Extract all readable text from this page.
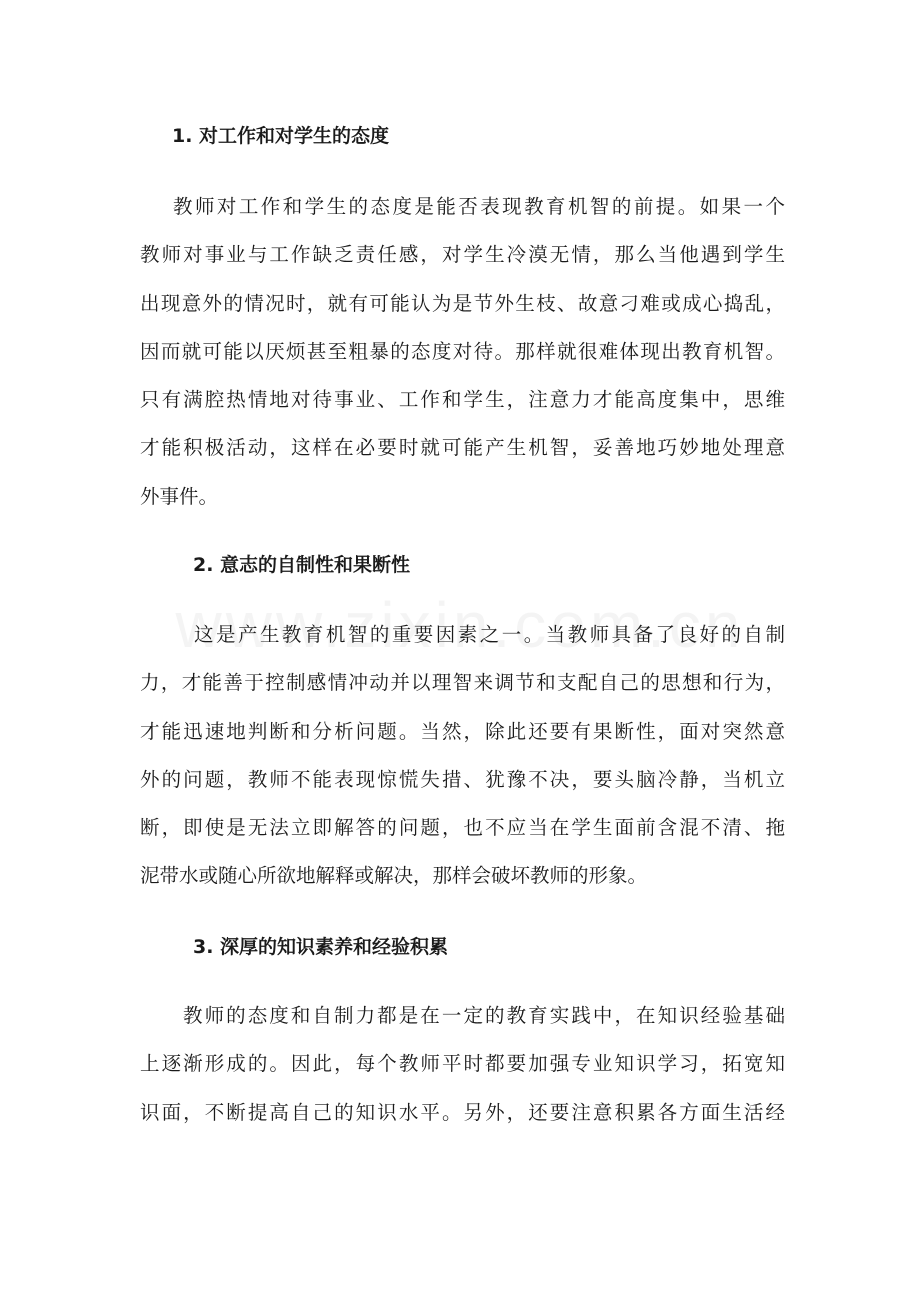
1. 对工作和对学生的态度
教师对工作和学生的态度是能否表现教育机智的前提。如果一个
教师对事业与工作缺乏责任感，对学生冷漠无情，那么当他遇到学生
出现意外的情况时，就有可能认为是节外生枝、故意刁难或成心捣乱，
因而就可能以厌烦甚至粗暴的态度对待。那样就很难体现出教育机智。
只有满腔热情地对待事业、工作和学生，注意力才能高度集中，思维
才能积极活动，这样在必要时就可能产生机智，妥善地巧妙地处理意
外事件。
2. 意志的自制性和果断性
这是产生教育机智的重要因素之一。当教师具备了良好的自制
力，才能善于控制感情冲动并以理智来调节和支配自己的思想和行为，
才能迅速地判断和分析问题。当然，除此还要有果断性，面对突然意
外的问题，教师不能表现惊慌失措、犹豫不决，要头脑冷静，当机立
断，即使是无法立即解答的问题，也不应当在学生面前含混不清、拖
泥带水或随心所欲地解释或解决，那样会破坏教师的形象。
3. 深厚的知识素养和经验积累
教师的态度和自制力都是在一定的教育实践中，在知识经验基础
上逐渐形成的。因此，每个教师平时都要加强专业知识学习，拓宽知
识面，不断提高自己的知识水平。另外，还要注意积累各方面生活经
